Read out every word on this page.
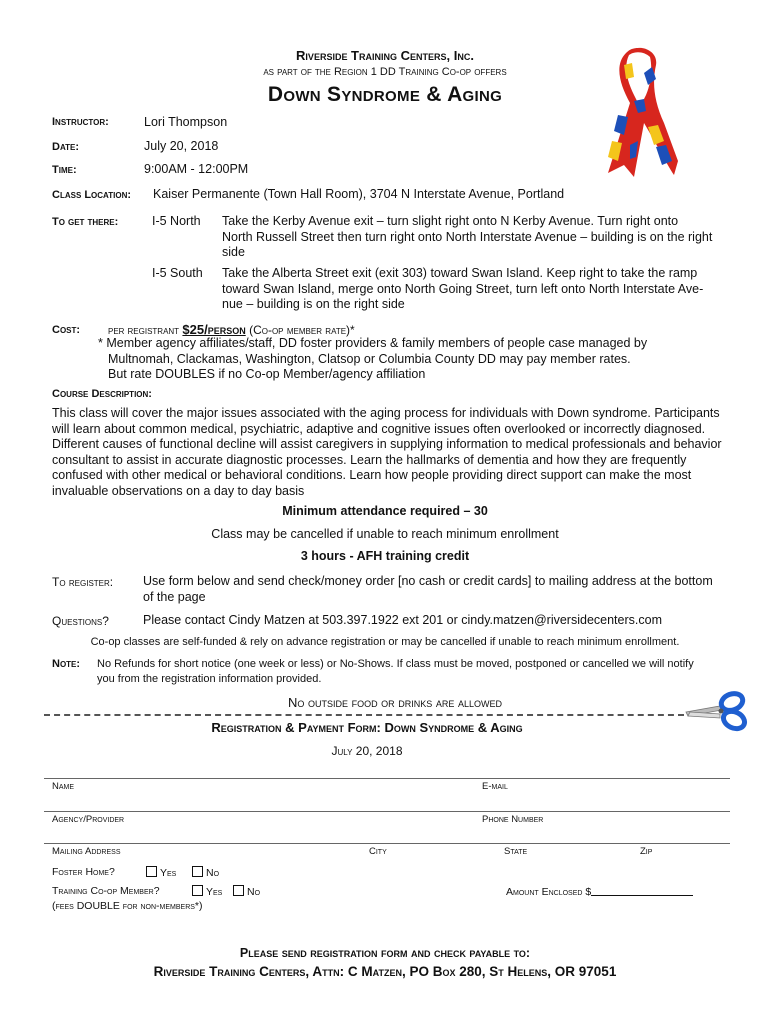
Riverside Training Centers, Inc.
as part of the Region 1 DD Training Co-op offers
Down Syndrome & Aging
Instructor:	Lori Thompson
Date:	July 20, 2018
Time:	9:00AM - 12:00PM
Class Location: Kaiser Permanente (Town Hall Room), 3704 N Interstate Avenue, Portland
To get there:	I-5 North Take the Kerby Avenue exit – turn slight right onto N Kerby Avenue. Turn right onto
North Russell Street then turn right onto North Interstate Avenue – building is on the right
side
I-5 South Take the Alberta Street exit (exit 303) toward Swan Island. Keep right to take the ramp
toward Swan Island, merge onto North Going Street, turn left onto North Interstate Ave-
nue – building is on the right side
Cost:	per registrant $25/person (Co-op member rate)*
* Member agency affiliates/staff, DD foster providers & family members of people case managed by
Multnomah, Clackamas, Washington, Clatsop or Columbia County DD may pay member rates.
But rate DOUBLES if no Co-op Member/agency affiliation
Course Description:
This class will cover the major issues associated with the aging process for individuals with Down syndrome. Participants
will learn about common medical, psychiatric, adaptive and cognitive issues often overlooked or incorrectly diagnosed.
Different causes of functional decline will assist caregivers in supplying information to medical professionals and behavior
consultant to assist in accurate diagnostic processes. Learn the hallmarks of dementia and how they are frequently
confused with other medical or behavioral conditions. Learn how people providing direct support can make the most
invaluable observations on a day to day basis
Minimum attendance required – 30
Class may be cancelled if unable to reach minimum enrollment
3 hours - AFH training credit
To register: Use form below and send check/money order [no cash or credit cards] to mailing address at the bottom
of the page
Questions?	Please contact Cindy Matzen at 503.397.1922 ext 201 or cindy.matzen@riversidecenters.com
Co-op classes are self-funded & rely on advance registration or may be cancelled if unable to reach minimum enrollment.
Note: No Refunds for short notice (one week or less) or No-Shows. If class must be moved, postponed or cancelled we will notify
you from the registration information provided.
No outside food or drinks are allowed
Registration & Payment Form: Down Syndrome & Aging
July 20, 2018
Name	E-mail
Agency/Provider	Phone Number
Mailing Address	City	State	Zip
Foster Home?	Yes	No
Training Co-op Member?	Yes	No
(fees DOUBLE for non-members*)
Amount Enclosed $
Please send registration form and check payable to:
Riverside Training Centers, Attn: C Matzen, PO Box 280, St Helens, OR 97051
